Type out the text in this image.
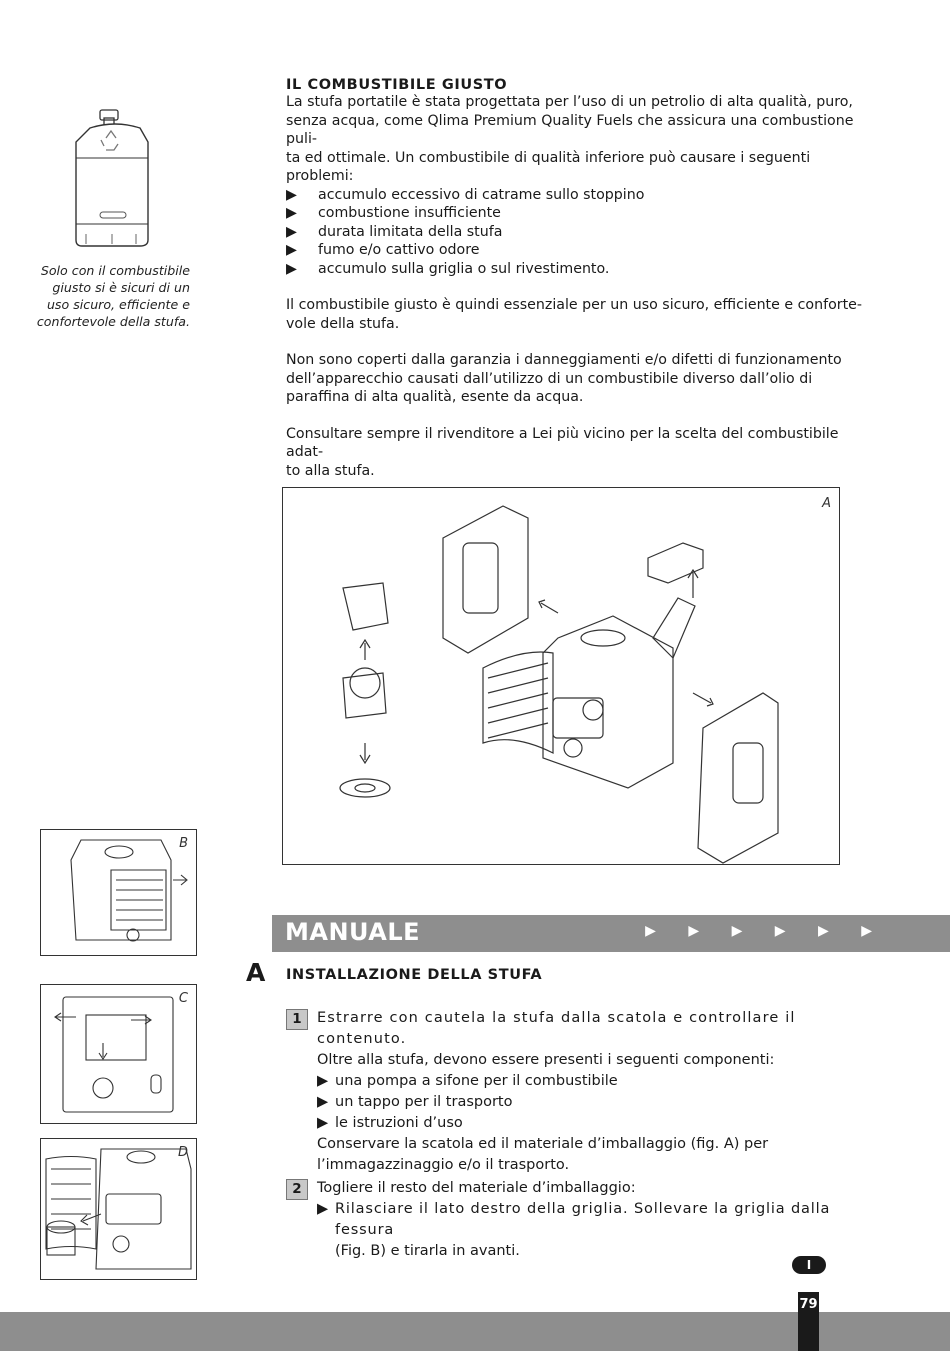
Solo con il combustibile
giusto si è sicuri di un
uso sicuro, efficiente e
confortevole della stufa.
IL COMBUSTIBILE GIUSTO
La stufa portatile è stata progettata per l’uso di un petrolio di alta qualità, puro,
senza acqua, come Qlima Premium Quality Fuels che assicura una combustione puli-
ta ed ottimale. Un combustibile di qualità inferiore può causare i seguenti problemi:
▶ accumulo eccessivo di catrame sullo stoppino
▶ combustione insufficiente
▶ durata limitata della stufa
▶ fumo e/o cattivo odore
▶ accumulo sulla griglia o sul rivestimento.
Il combustibile giusto è quindi essenziale per un uso sicuro, efficiente e conforte-
vole della stufa.
Non sono coperti dalla garanzia i danneggiamenti e/o difetti di funzionamento
dell’apparecchio causati dall’utilizzo di un combustibile diverso dall’olio di
paraffina di alta qualità, esente da acqua.
Consultare sempre il rivenditore a Lei più vicino per la scelta del combustibile adat-
to alla stufa.
A
B
C
D
MANUALE	▶ ▶ ▶ ▶ ▶ ▶
A INSTALLAZIONE DELLA STUFA
1	Estrarre con cautela la stufa dalla scatola e controllare il contenuto.
Oltre alla stufa, devono essere presenti i seguenti componenti:
▶ una pompa a sifone per il combustibile
▶ un tappo per il trasporto
▶ le istruzioni d’uso
Conservare la scatola ed il materiale d’imballaggio (fig. A) per
l’immagazzinaggio e/o il trasporto.
2	Togliere il resto del materiale d’imballaggio:
▶ Rilasciare il lato destro della griglia. Sollevare la griglia dalla fessura
(Fig. B) e tirarla in avanti.
I
79
